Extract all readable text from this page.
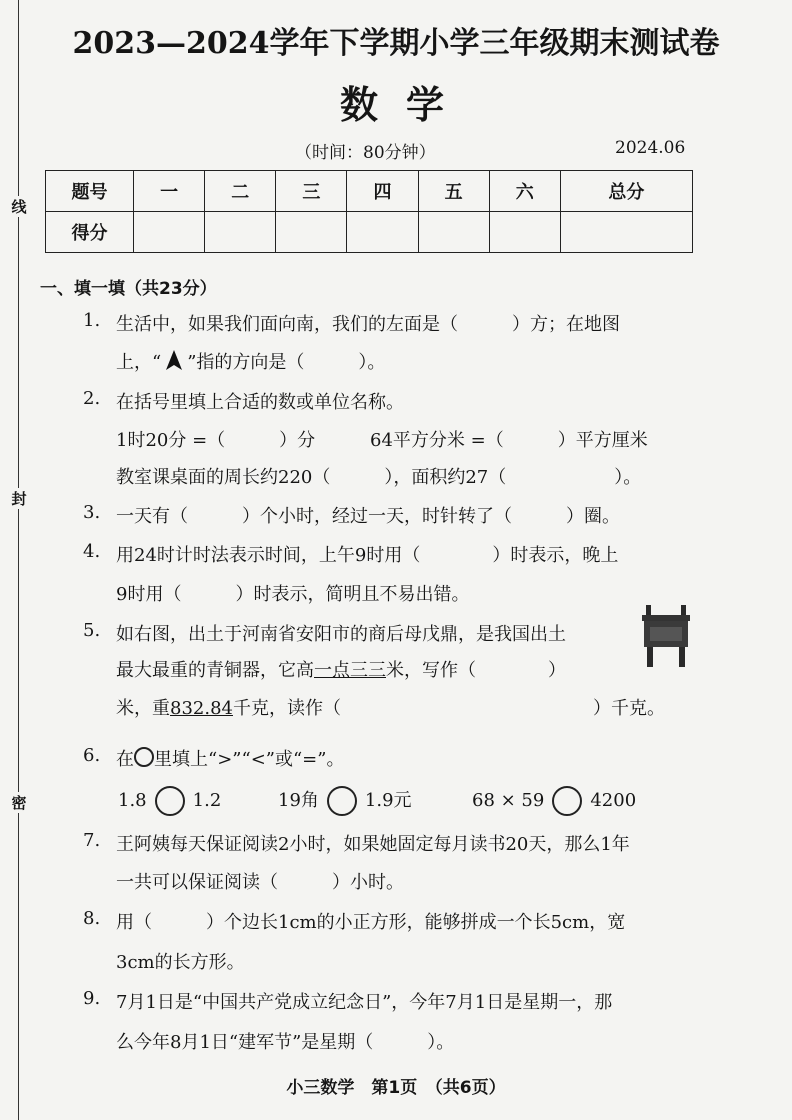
线
封
密
2023—2024学年下学期小学三年级期末测试卷
数学
（时间：80分钟）	2024.06
题号	一	二	三	四	五	六	总分
得分							
一、填一填（共23分）
1. 生活中，如果我们面向南，我们的左面是（　　　）方；在地图
上，“ ”指的方向是（　　　）。
2. 在括号里填上合适的数或单位名称。
1时20分 =（　　　）分	64平方分米 =（　　　）平方厘米
教室课桌面的周长约220（　　　），面积约27（　　　　　　）。
3. 一天有（　　　）个小时，经过一天，时针转了（　　　）圈。
4. 用24时计时法表示时间，上午9时用（　　　　）时表示，晚上
9时用（　　　）时表示，简明且不易出错。
5. 如右图，出土于河南省安阳市的商后母戊鼎，是我国出土
最大最重的青铜器，它高一点三三米，写作（　　　　）
米，重832.84千克，读作（　　　　　　　　　　　　　　）千克。
6. 在 里填上“>”“<”或“=”。
1.8	1.2	19角	1.9元	68 × 59	4200
7. 王阿姨每天保证阅读2小时，如果她固定每月读书20天，那么1年
一共可以保证阅读（　　　）小时。
8. 用（　　　）个边长1cm的小正方形，能够拼成一个长5cm，宽
3cm的长方形。
9. 7月1日是“中国共产党成立纪念日”，今年7月1日是星期一，那
么今年8月1日“建军节”是星期（　　　）。
小三数学　第1页　（共6页）
